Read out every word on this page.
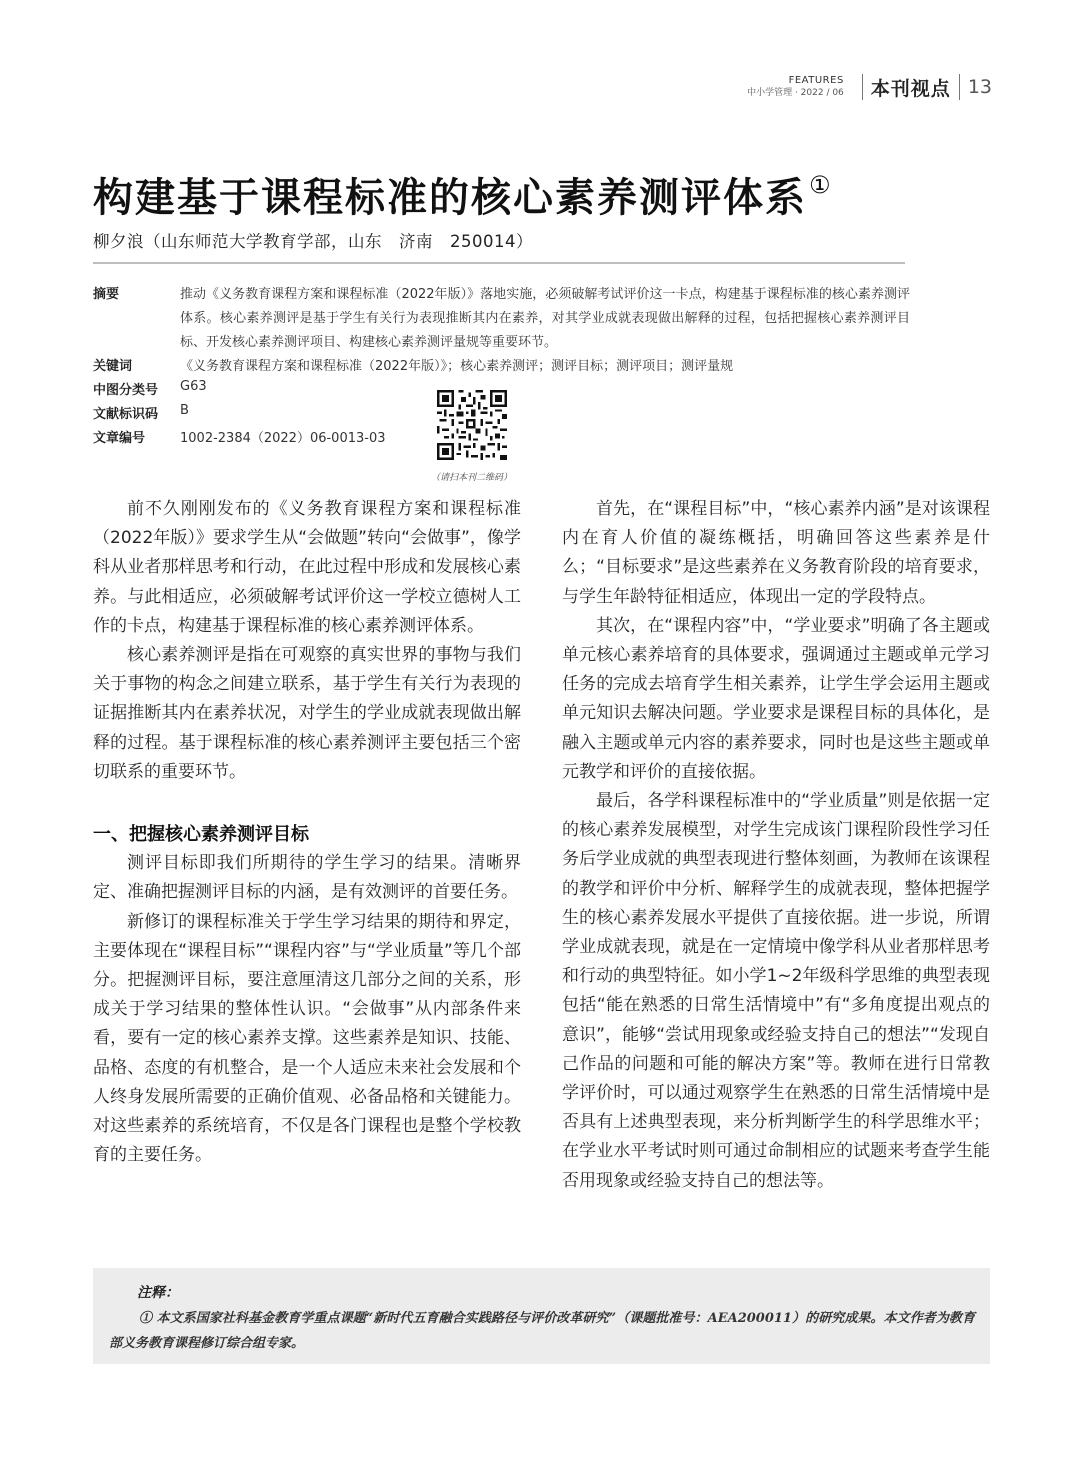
FEATURES
中小学管理 · 2022 / 06 本刊视点 13
构建基于课程标准的核心素养测评体系①
柳夕浪（山东师范大学教育学部，山东　济南　250014）
摘要	推动《义务教育课程方案和课程标准（2022年版）》落地实施，必须破解考试评价这一卡点，构建基于课程标准的核心素养测评体系。核心素养测评是基于学生有关行为表现推断其内在素养，对其学业成就表现做出解释的过程，包括把握核心素养测评目标、开发核心素养测评项目、构建核心素养测评量规等重要环节。
关键词	《义务教育课程方案和课程标准（2022年版）》；核心素养测评；测评目标；测评项目；测评量规
中图分类号 G63
文献标识码 B
文章编号	1002-2384（2022）06-0013-03
（请扫本刊二维码）

前不久刚刚发布的《义务教育课程方案和课程标准（2022年版）》要求学生从“会做题”转向“会做事”，像学科从业者那样思考和行动，在此过程中形成和发展核心素养。与此相适应，必须破解考试评价这一学校立德树人工作的卡点，构建基于课程标准的核心素养测评体系。

核心素养测评是指在可观察的真实世界的事物与我们关于事物的构念之间建立联系，基于学生有关行为表现的证据推断其内在素养状况，对学生的学业成就表现做出解释的过程。基于课程标准的核心素养测评主要包括三个密切联系的重要环节。

一、把握核心素养测评目标

测评目标即我们所期待的学生学习的结果。清晰界定、准确把握测评目标的内涵，是有效测评的首要任务。

新修订的课程标准关于学生学习结果的期待和界定，主要体现在“课程目标”“课程内容”与“学业质量”等几个部分。把握测评目标，要注意厘清这几部分之间的关系，形成关于学习结果的整体性认识。“会做事”从内部条件来看，要有一定的核心素养支撑。这些素养是知识、技能、品格、态度的有机整合，是一个人适应未来社会发展和个人终身发展所需要的正确价值观、必备品格和关键能力。对这些素养的系统培育，不仅是各门课程也是整个学校教育的主要任务。

首先，在“课程目标”中，“核心素养内涵”是对该课程内在育人价值的凝练概括，明确回答这些素养是什么；“目标要求”是这些素养在义务教育阶段的培育要求，与学生年龄特征相适应，体现出一定的学段特点。

其次，在“课程内容”中，“学业要求”明确了各主题或单元核心素养培育的具体要求，强调通过主题或单元学习任务的完成去培育学生相关素养，让学生学会运用主题或单元知识去解决问题。学业要求是课程目标的具体化，是融入主题或单元内容的素养要求，同时也是这些主题或单元教学和评价的直接依据。

最后，各学科课程标准中的“学业质量”则是依据一定的核心素养发展模型，对学生完成该门课程阶段性学习任务后学业成就的典型表现进行整体刻画，为教师在该课程的教学和评价中分析、解释学生的成就表现，整体把握学生的核心素养发展水平提供了直接依据。进一步说，所谓学业成就表现，就是在一定情境中像学科从业者那样思考和行动的典型特征。如小学1~2年级科学思维的典型表现包括“能在熟悉的日常生活情境中”有“多角度提出观点的意识”，能够“尝试用现象或经验支持自己的想法”“发现自己作品的问题和可能的解决方案”等。教师在进行日常教学评价时，可以通过观察学生在熟悉的日常生活情境中是否具有上述典型表现，来分析判断学生的科学思维水平；在学业水平考试时则可通过命制相应的试题来考查学生能否用现象或经验支持自己的想法等。

注释：
① 本文系国家社科基金教育学重点课题“新时代五育融合实践路径与评价改革研究”（课题批准号：AEA200011）的研究成果。本文作者为教育部义务教育课程修订综合组专家。
